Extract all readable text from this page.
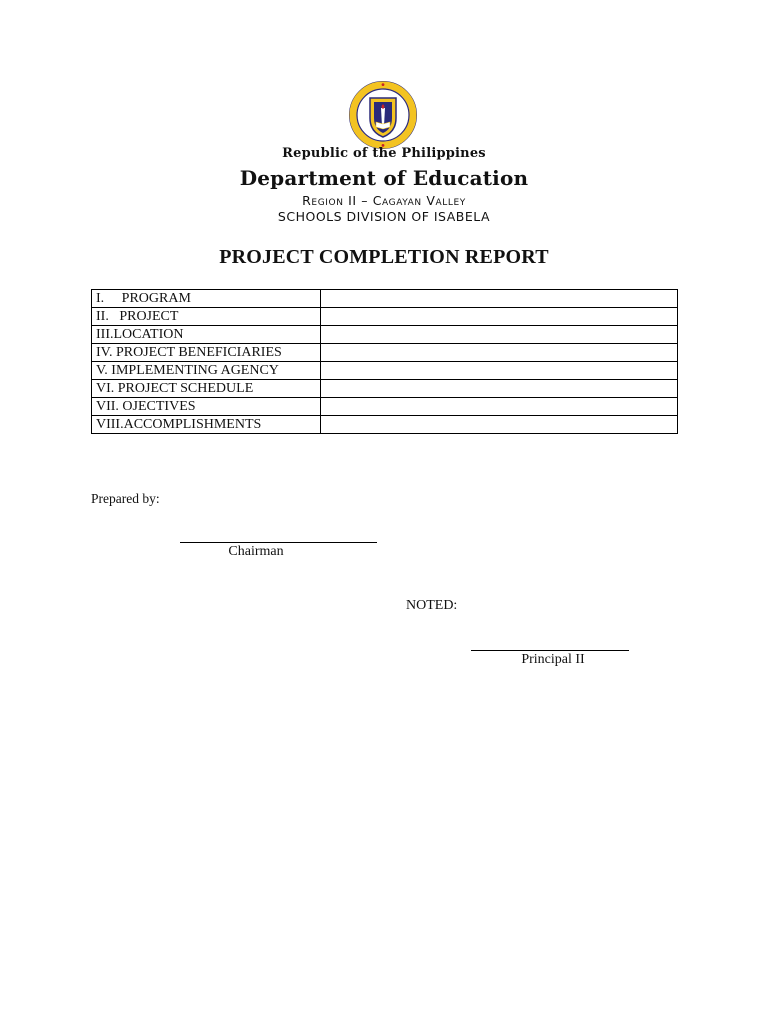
Republic of the Philippines
Department of Education
Region II – Cagayan Valley
SCHOOLS DIVISION OF ISABELA
PROJECT COMPLETION REPORT
I.     PROGRAM	
II.   PROJECT	
III.LOCATION	
IV. PROJECT BENEFICIARIES	
V. IMPLEMENTING AGENCY	
VI. PROJECT SCHEDULE	
VII. OJECTIVES	
VIII.ACCOMPLISHMENTS	
Prepared by:
Chairman
NOTED:
Principal II
